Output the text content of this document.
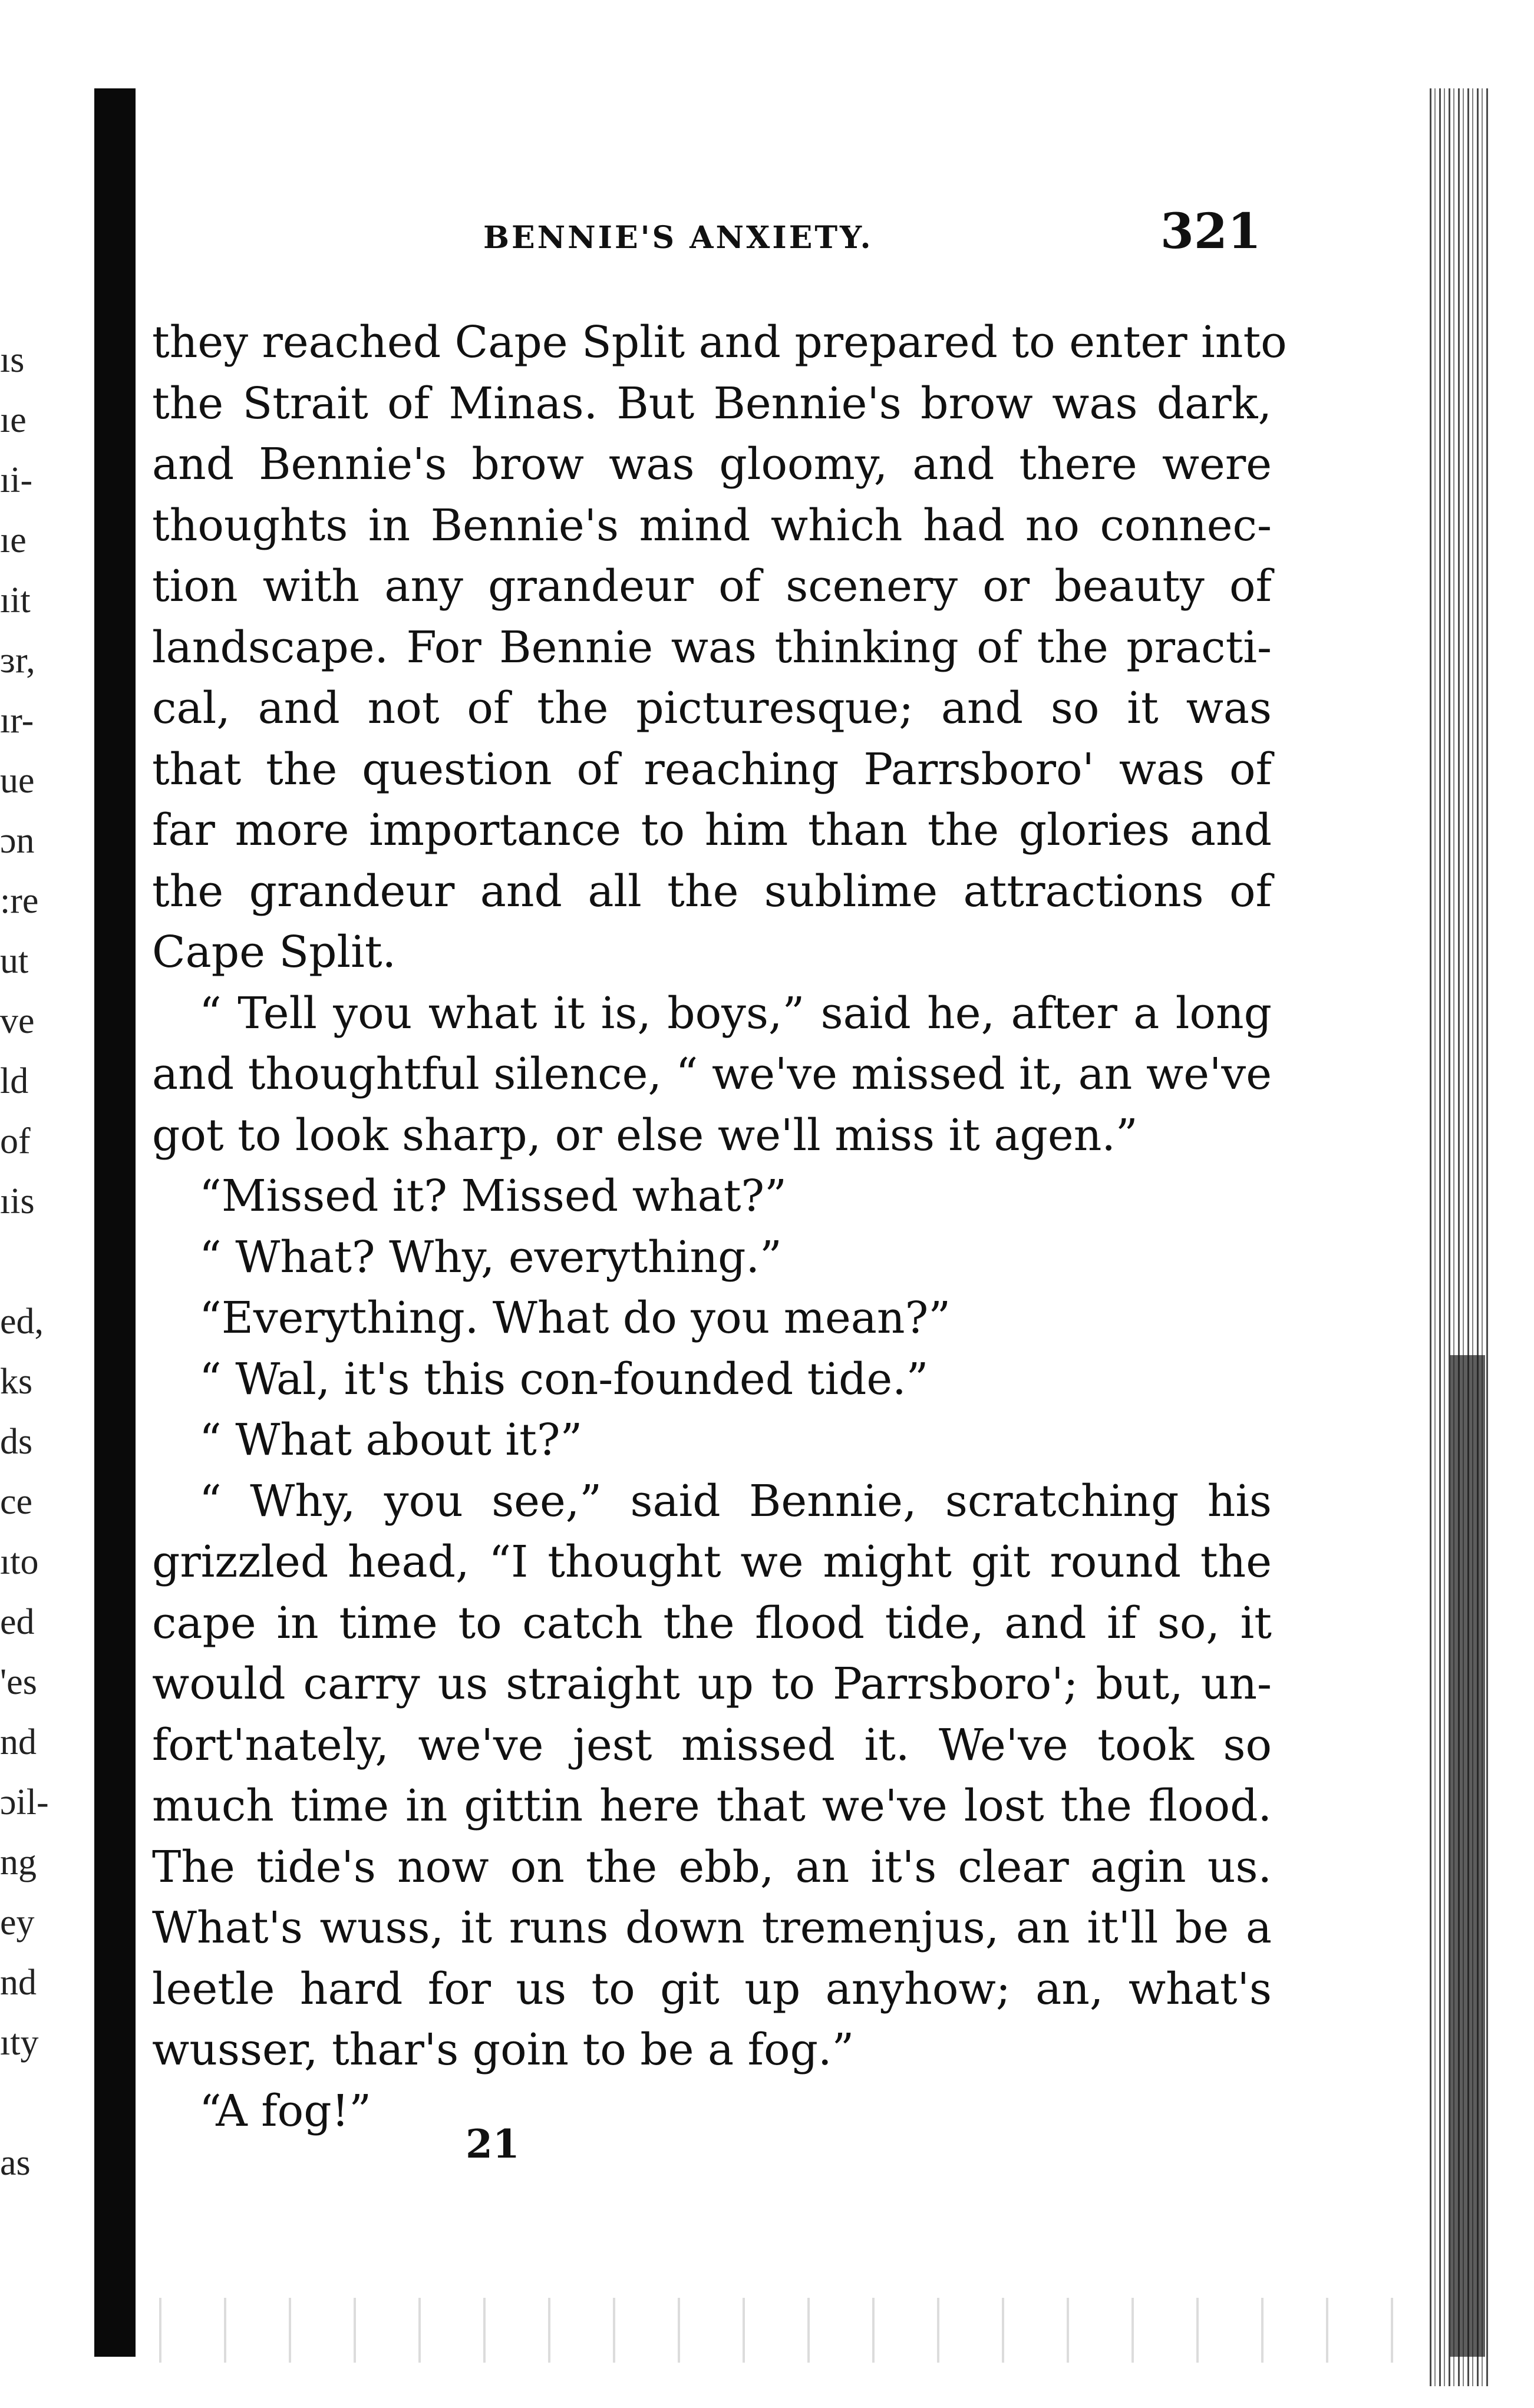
ıs
ıe
ıi-
ıe
ıit
ɜr,
ır-
ue
ɔn
:re
ut
ve
ld
of
ıis

ed,
ks
ds
ce
ıto
ed
'es
nd
ɔil-
ng
ey
nd
ıty

as
BENNIE'S ANXIETY.	321
they reached Cape Split and prepared to enter into
the Strait of Minas. But Bennie's brow was dark,
and Bennie's brow was gloomy, and there were
thoughts in Bennie's mind which had no connec-
tion with any grandeur of scenery or beauty of
landscape. For Bennie was thinking of the practi-
cal, and not of the picturesque; and so it was
that the question of reaching Parrsboro' was of
far more importance to him than the glories and
the grandeur and all the sublime attractions of
Cape Split.
“ Tell you what it is, boys,” said he, after a long
and thoughtful silence, “ we've missed it, an we've
got to look sharp, or else we'll miss it agen.”
“Missed it? Missed what?”
“ What? Why, everything.”
“Everything. What do you mean?”
“ Wal, it's this con-founded tide.”
“ What about it?”
“ Why, you see,” said Bennie, scratching his
grizzled head, “I thought we might git round the
cape in time to catch the flood tide, and if so, it
would carry us straight up to Parrsboro'; but, un-
fort'nately, we've jest missed it. We've took so
much time in gittin here that we've lost the flood.
The tide's now on the ebb, an it's clear agin us.
What's wuss, it runs down tremenjus, an it'll be a
leetle hard for us to git up anyhow; an, what's
wusser, thar's goin to be a fog.”
“A fog!”
21
